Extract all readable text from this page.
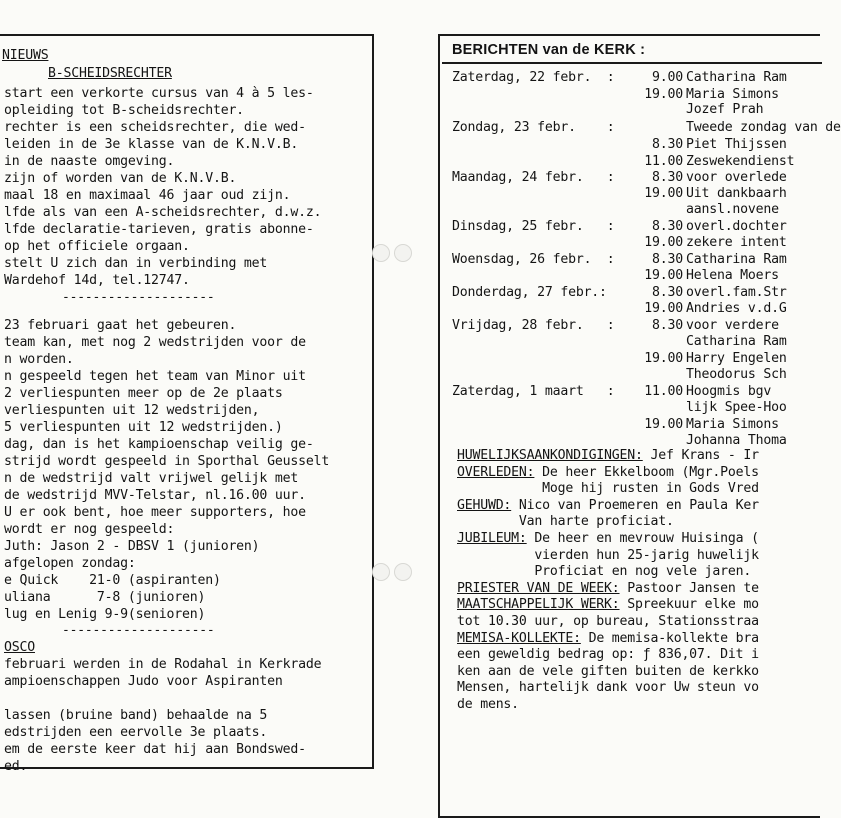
NIEUWS
B-SCHEIDSRECHTER
start een verkorte cursus van 4 à 5 les-
opleiding tot B-scheidsrechter.
rechter is een scheidsrechter, die wed-
leiden in de 3e klasse van de K.N.V.B.
in de naaste omgeving.
zijn of worden van de K.N.V.B.
maal 18 en maximaal 46 jaar oud zijn.
lfde als van een A-scheidsrechter, d.w.z.
lfde declaratie-tarieven, gratis abonne-
op het officiele orgaan.
stelt U zich dan in verbinding met
Wardehof 14d, tel.12747.
--------------------
23 februari gaat het gebeuren.
team kan, met nog 2 wedstrijden voor de
n worden.
n gespeeld tegen het team van Minor uit
2 verliespunten meer op de 2e plaats
verliespunten uit 12 wedstrijden,
5 verliespunten uit 12 wedstrijden.)
dag, dan is het kampioenschap veilig ge-
strijd wordt gespeeld in Sporthal Geusselt
n de wedstrijd valt vrijwel gelijk met
de wedstrijd MVV-Telstar, nl.16.00 uur.
U er ook bent, hoe meer supporters, hoe
wordt er nog gespeeld:
Juth: Jason 2 - DBSV 1 (junioren)
afgelopen zondag:
e Quick    21-0 (aspiranten)
uliana      7-8 (junioren)
lug en Lenig 9-9(senioren)
--------------------
OSCO
februari werden in de Rodahal in Kerkrade
ampioenschappen Judo voor Aspiranten
lassen (bruine band) behaalde na 5
edstrijden een eervolle 3e plaats.
em de eerste keer dat hij aan Bondswed-
ed.
BERICHTEN van de KERK :
Zaterdag, 22 febr.  :	9.00 Catharina Ram
19.00 Maria Simons
Jozef Prah
Zondag, 23 febr.    :	Tweede zondag van de
8.30 Piet Thijssen
11.00 Zeswekendienst
Maandag, 24 febr.   :	8.30 voor overlede
19.00 Uit dankbaarh
aansl.novene
Dinsdag, 25 febr.   :	8.30 overl.dochter
19.00 zekere intent
Woensdag, 26 febr.  :	8.30 Catharina Ram
19.00 Helena Moers
Donderdag, 27 febr.:	8.30 overl.fam.Str
19.00 Andries v.d.G
Vrijdag, 28 febr.   :	8.30 voor verdere
Catharina Ram
19.00 Harry Engelen
Theodorus Sch
Zaterdag, 1 maart   : 11.00 Hoogmis bgv
lijk Spee-Hoo
19.00 Maria Simons
Johanna Thoma
HUWELIJKSAANKONDIGINGEN: Jef Krans - Ir
OVERLEDEN: De heer Ekkelboom (Mgr.Poels
Moge hij rusten in Gods Vred
GEHUWD: Nico van Proemeren en Paula Ker
Van harte proficiat.
JUBILEUM: De heer en mevrouw Huisinga (
vierden hun 25-jarig huwelijk
Proficiat en nog vele jaren.
PRIESTER VAN DE WEEK: Pastoor Jansen te
MAATSCHAPPELIJK WERK: Spreekuur elke mo
tot 10.30 uur, op bureau, Stationsstraa
MEMISA-KOLLEKTE: De memisa-kollekte bra
een geweldig bedrag op: ƒ 836,07. Dit i
ken aan de vele giften buiten de kerkko
Mensen, hartelijk dank voor Uw steun vo
de mens.
